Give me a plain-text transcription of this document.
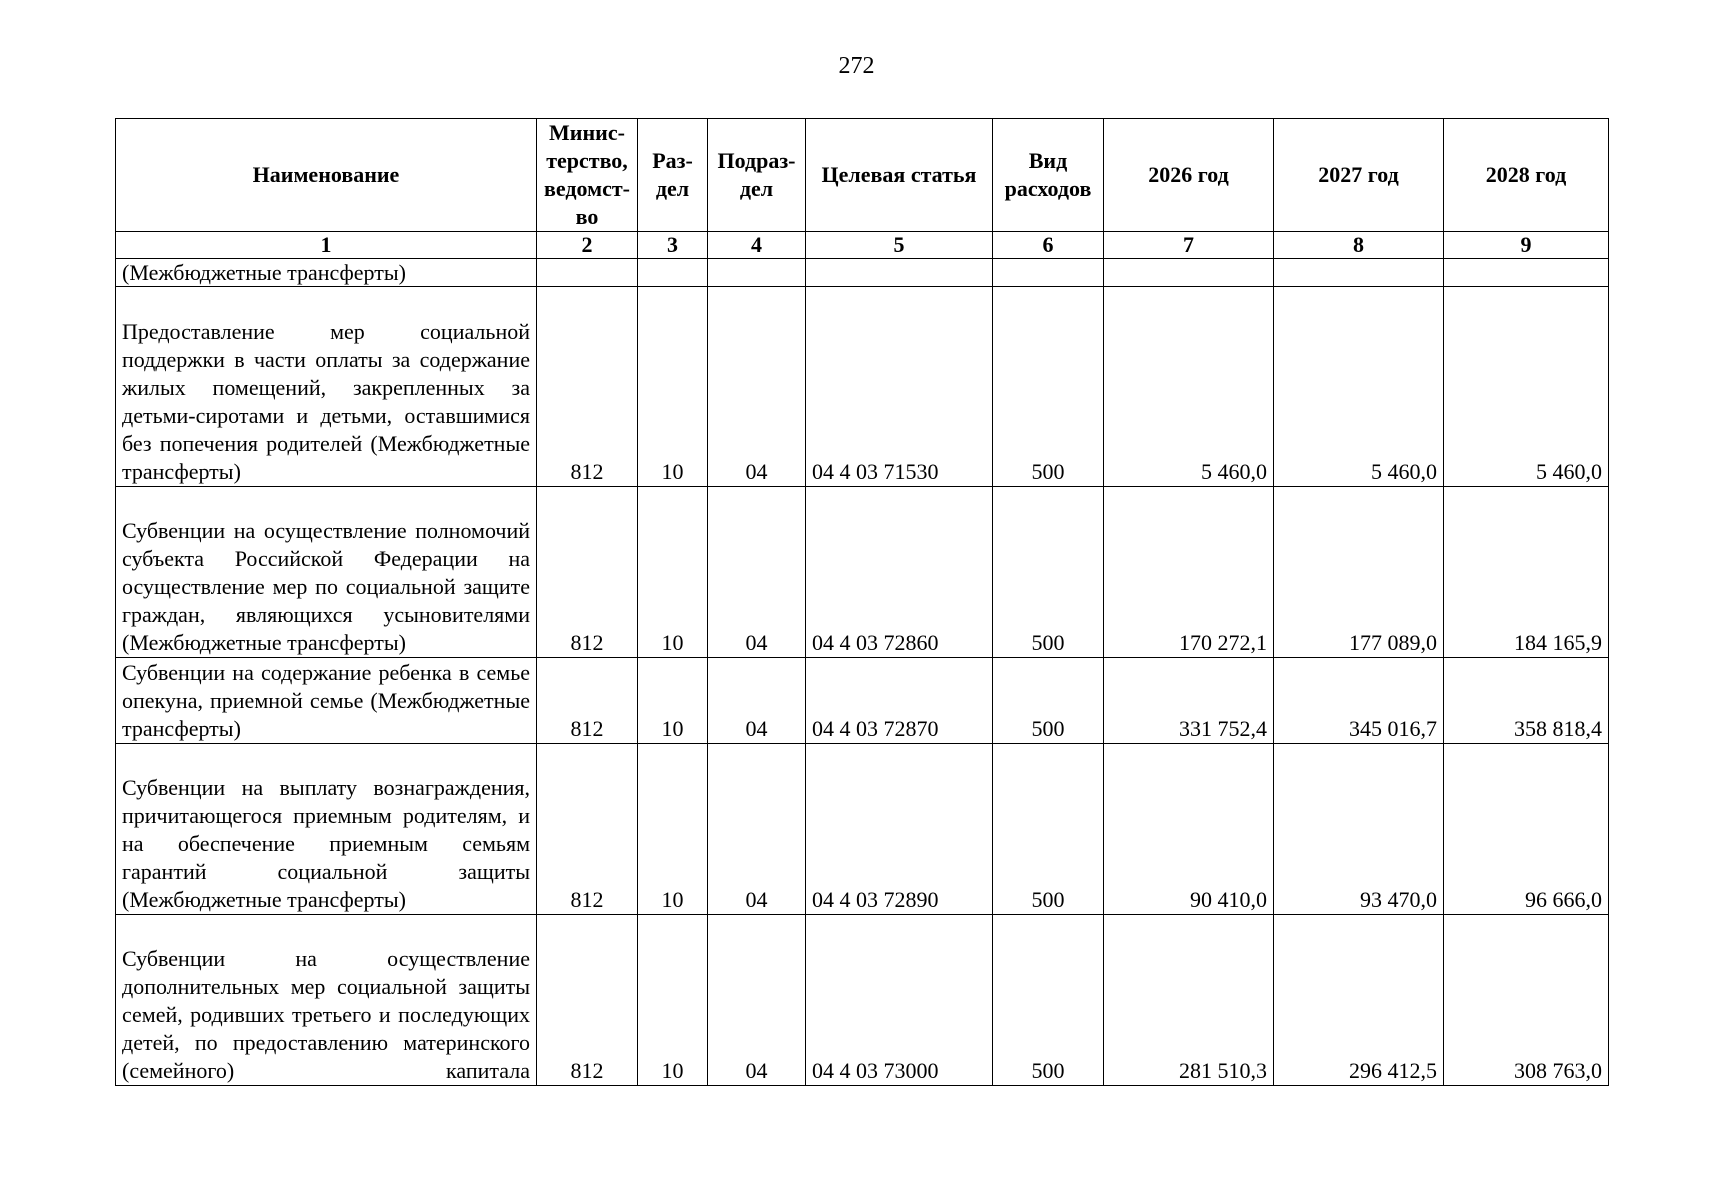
272
Наименование	Минис-терство, ведомст-во	Раз-дел	Подраз-дел	Целевая статья	Вид расходов	2026 год	2027 год	2028 год
1	2	3	4	5	6	7	8	9
(Межбюджетные трансферты)								
Предоставление мер социальной поддержки в части оплаты за содержание жилых помещений, закрепленных за детьми-сиротами и детьми, оставшимися без попечения родителей (Межбюджетные трансферты)	812	10	04	04 4 03 71530	500	5 460,0	5 460,0	5 460,0
Субвенции на осуществление полномочий субъекта Российской Федерации на осуществление мер по социальной защите граждан, являющихся усыновителями (Межбюджетные трансферты)	812	10	04	04 4 03 72860	500	170 272,1	177 089,0	184 165,9
Субвенции на содержание ребенка в семье опекуна, приемной семье (Межбюджетные трансферты)	812	10	04	04 4 03 72870	500	331 752,4	345 016,7	358 818,4
Субвенции на выплату вознаграждения, причитающегося приемным родителям, и на обеспечение приемным семьям гарантий социальной защиты (Межбюджетные трансферты)	812	10	04	04 4 03 72890	500	90 410,0	93 470,0	96 666,0
Субвенции на осуществление дополнительных мер социальной защиты семей, родивших третьего и последующих детей, по предоставлению материнского (семейного) капитала	812	10	04	04 4 03 73000	500	281 510,3	296 412,5	308 763,0
